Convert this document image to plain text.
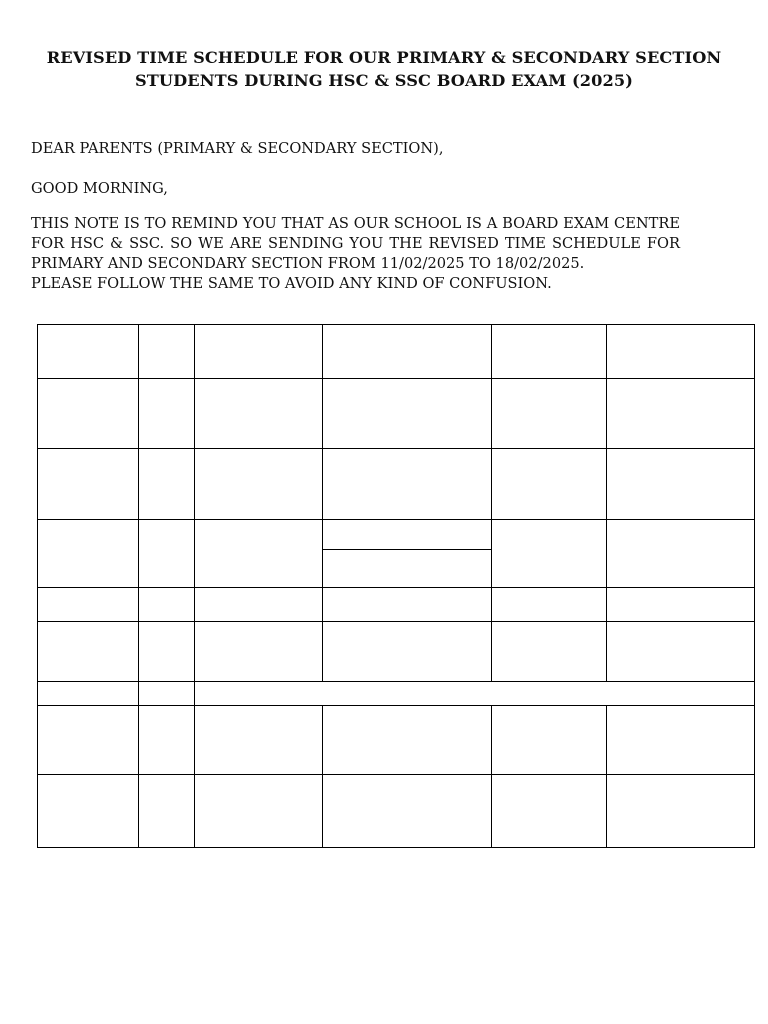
REVISED TIME SCHEDULE FOR OUR PRIMARY & SECONDARY SECTION
STUDENTS DURING HSC & SSC BOARD EXAM (2025)
DEAR PARENTS (PRIMARY & SECONDARY SECTION),
GOOD MORNING,
THIS NOTE IS TO REMIND YOU THAT AS OUR SCHOOL IS A BOARD EXAM CENTRE
FOR HSC & SSC. SO WE ARE SENDING YOU THE REVISED TIME SCHEDULE FOR
PRIMARY AND SECONDARY SECTION FROM 11/02/2025 TO 18/02/2025.
PLEASE FOLLOW THE SAME TO AVOID ANY KIND OF CONFUSION.
